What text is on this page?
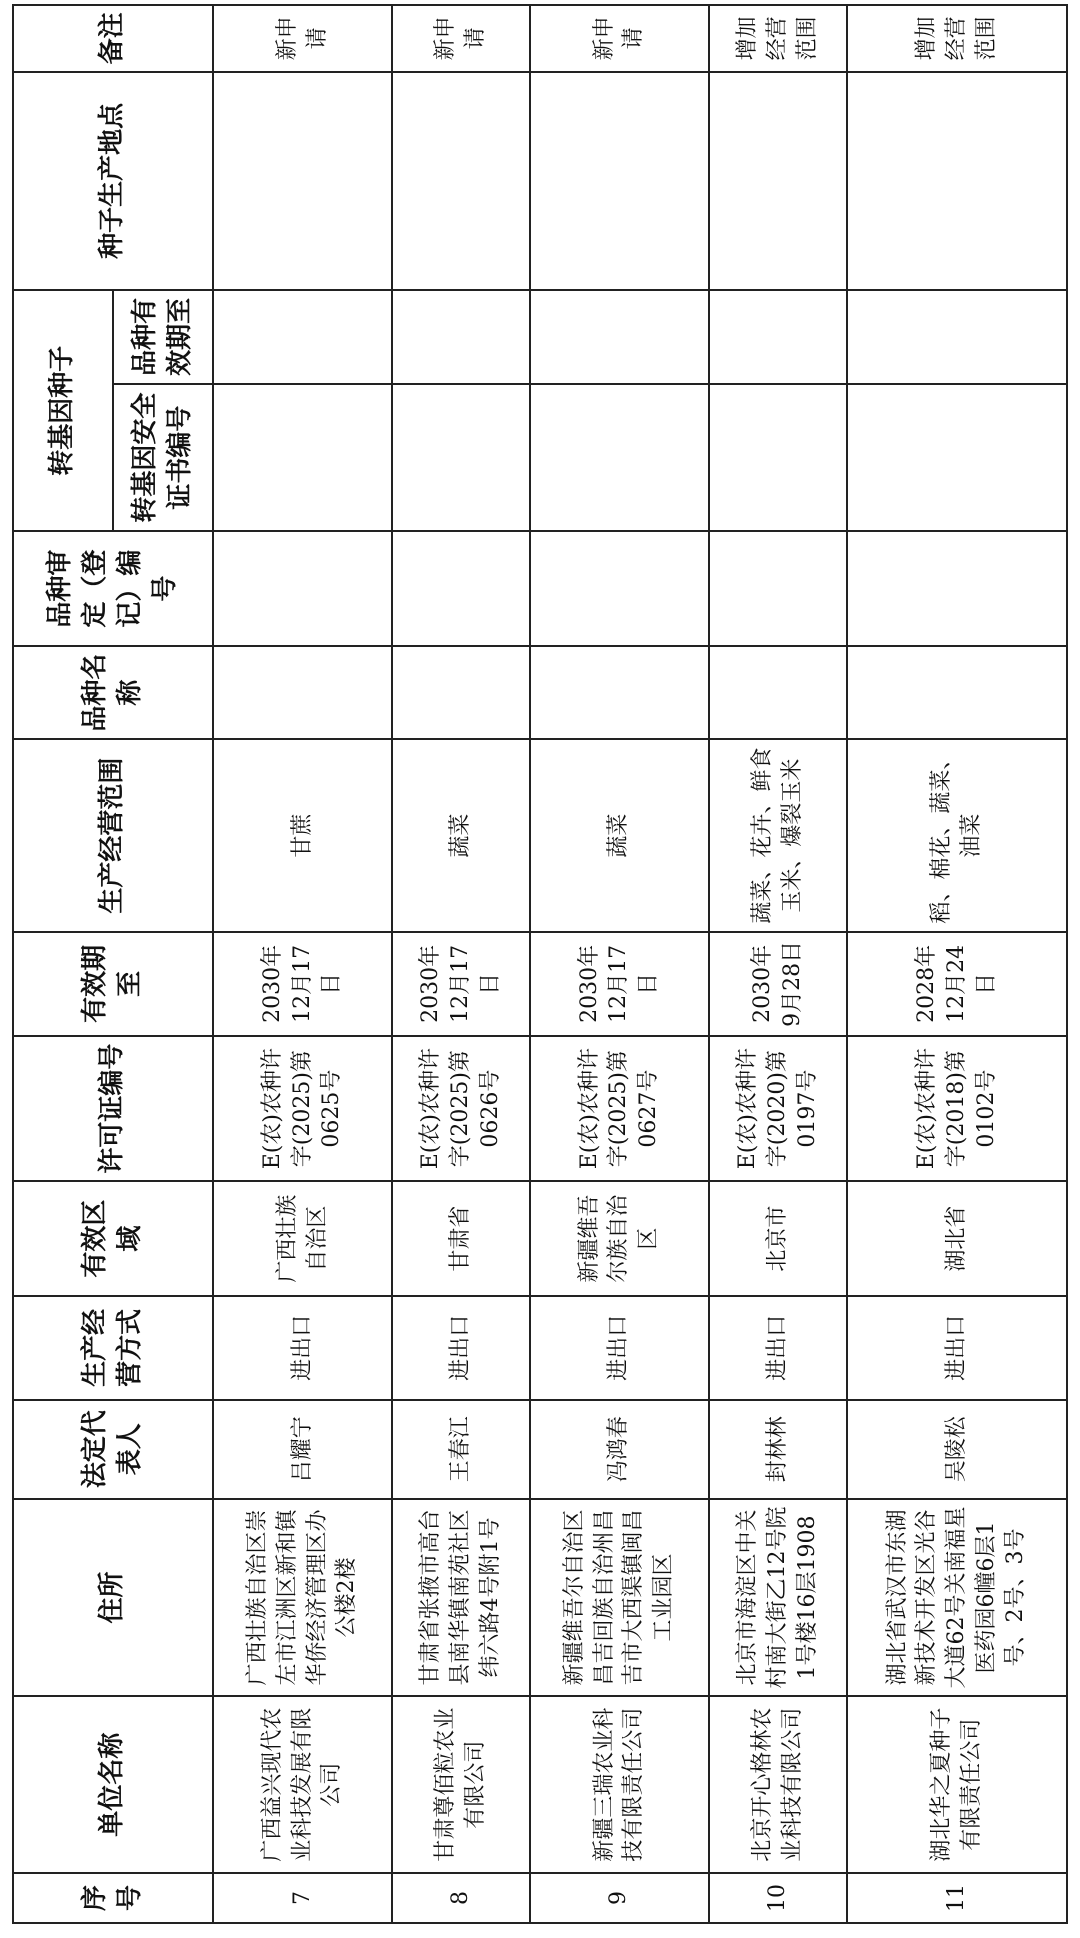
序号	单位名称	住所	法定代表人	生产经营方式	有效区域	许可证编号	有效期至	生产经营范围	品种名称	品种审定（登记）编号	转基因种子		种子生产地点	备注
											转基因安全证书编号	品种有效期至		
7	广西益兴现代农业科技发展有限公司	广西壮族自治区崇左市江洲区新和镇华侨经济管理区办公楼2楼	吕耀宁	进出口	广西壮族自治区	E(农)农种许字(2025)第0625号	2030年12月17日	甘蔗						新申请
8	甘肃尊佰粒农业有限公司	甘肃省张掖市高台县南华镇南苑社区纬六路4号附1号	王春江	进出口	甘肃省	E(农)农种许字(2025)第0626号	2030年12月17日	蔬菜						新申请
9	新疆三瑞农业科技有限责任公司	新疆维吾尔自治区昌吉回族自治州昌吉市大西渠镇闽昌工业园区	冯鸿春	进出口	新疆维吾尔族自治区	E(农)农种许字(2025)第0627号	2030年12月17日	蔬菜						新申请
10	北京开心格林农业科技有限公司	北京市海淀区中关村南大街乙12号院1号楼16层1908	封林林	进出口	北京市	E(农)农种许字(2020)第0197号	2030年9月28日	蔬菜、花卉、鲜食玉米、爆裂玉米						增加经营范围
11	湖北华之夏种子有限责任公司	湖北省武汉市东湖新技术开发区光谷大道62号关南福星医药园6幢6层1号、2号、3号	吴陵松	进出口	湖北省	E(农)农种许字(2018)第0102号	2028年12月24日	稻、棉花、蔬菜、油菜						增加经营范围
